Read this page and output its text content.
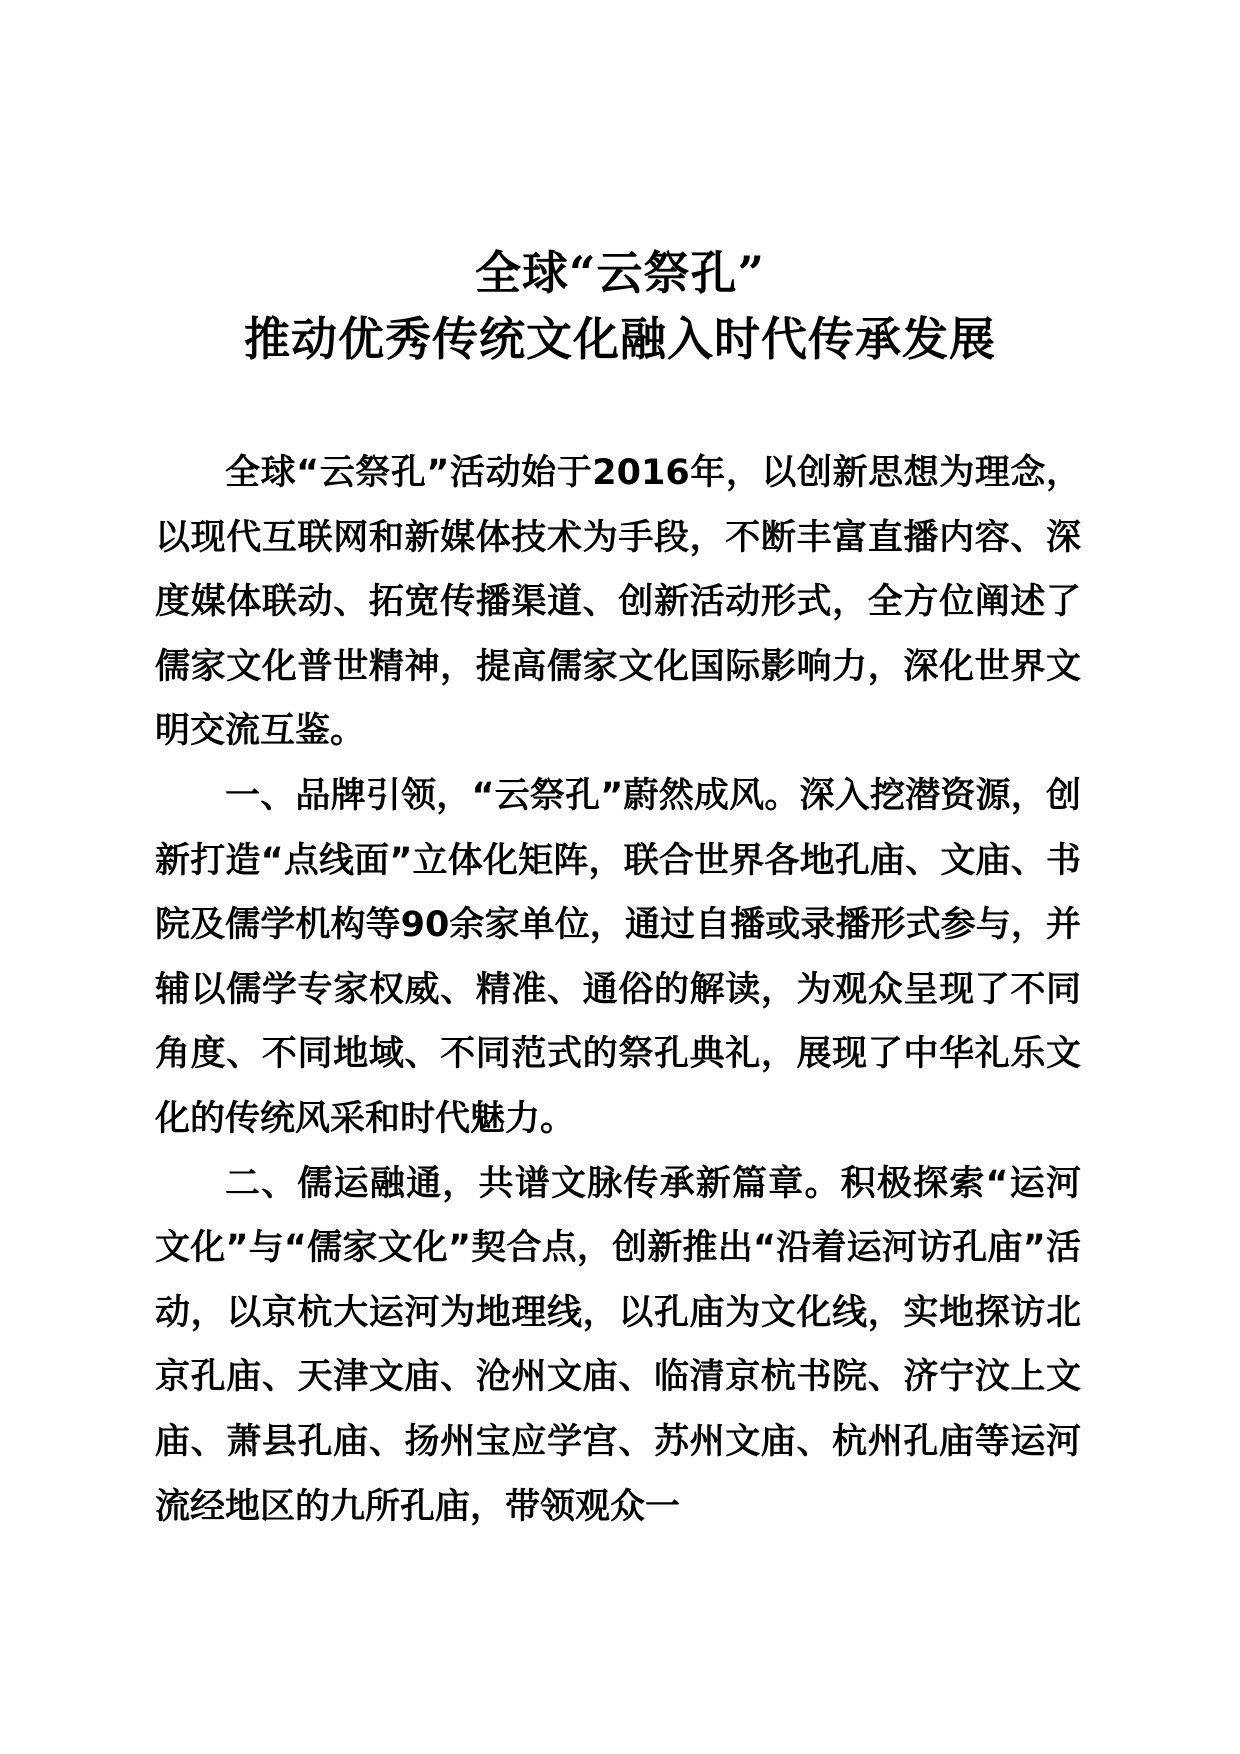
全球“云祭孔”
推动优秀传统文化融入时代传承发展

全球“云祭孔”活动始于2016年，以创新思想为理念，以现代互联网和新媒体技术为手段，不断丰富直播内容、深度媒体联动、拓宽传播渠道、创新活动形式，全方位阐述了儒家文化普世精神，提高儒家文化国际影响力，深化世界文明交流互鉴。

一、品牌引领，“云祭孔”蔚然成风。深入挖潜资源，创新打造“点线面”立体化矩阵，联合世界各地孔庙、文庙、书院及儒学机构等90余家单位，通过自播或录播形式参与，并辅以儒学专家权威、精准、通俗的解读，为观众呈现了不同角度、不同地域、不同范式的祭孔典礼，展现了中华礼乐文化的传统风采和时代魅力。

二、儒运融通，共谱文脉传承新篇章。积极探索“运河文化”与“儒家文化”契合点，创新推出“沿着运河访孔庙”活动，以京杭大运河为地理线，以孔庙为文化线，实地探访北京孔庙、天津文庙、沧州文庙、临清京杭书院、济宁汶上文庙、萧县孔庙、扬州宝应学宫、苏州文庙、杭州孔庙等运河流经地区的九所孔庙，带领观众一
